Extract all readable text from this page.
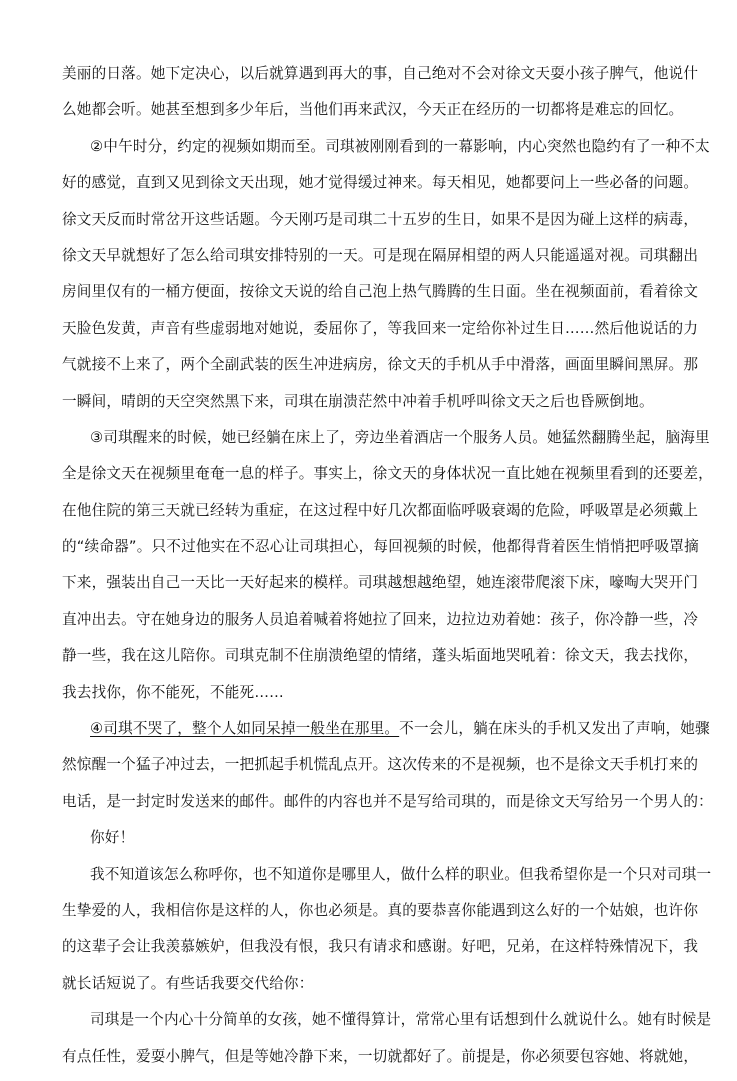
美丽的日落。她下定决心，以后就算遇到再大的事，自己绝对不会对徐文天耍小孩子脾气，他说什
么她都会听。她甚至想到多少年后，当他们再来武汉，今天正在经历的一切都将是难忘的回忆。
②中午时分，约定的视频如期而至。司琪被刚刚看到的一幕影响，内心突然也隐约有了一种不太
好的感觉，直到又见到徐文天出现，她才觉得缓过神来。每天相见，她都要问上一些必备的问题。
徐文天反而时常岔开这些话题。今天刚巧是司琪二十五岁的生日，如果不是因为碰上这样的病毒，
徐文天早就想好了怎么给司琪安排特别的一天。可是现在隔屏相望的两人只能遥遥对视。司琪翻出
房间里仅有的一桶方便面，按徐文天说的给自己泡上热气腾腾的生日面。坐在视频面前，看着徐文
天脸色发黄，声音有些虚弱地对她说，委屈你了，等我回来一定给你补过生日……然后他说话的力
气就接不上来了，两个全副武装的医生冲进病房，徐文天的手机从手中滑落，画面里瞬间黑屏。那
一瞬间，晴朗的天空突然黑下来，司琪在崩溃茫然中冲着手机呼叫徐文天之后也昏厥倒地。
③司琪醒来的时候，她已经躺在床上了，旁边坐着酒店一个服务人员。她猛然翻腾坐起，脑海里
全是徐文天在视频里奄奄一息的样子。事实上，徐文天的身体状况一直比她在视频里看到的还要差，
在他住院的第三天就已经转为重症，在这过程中好几次都面临呼吸衰竭的危险，呼吸罩是必须戴上
的“续命器”。只不过他实在不忍心让司琪担心，每回视频的时候，他都得背着医生悄悄把呼吸罩摘
下来，强装出自己一天比一天好起来的模样。司琪越想越绝望，她连滚带爬滚下床，嚎啕大哭开门
直冲出去。守在她身边的服务人员追着喊着将她拉了回来，边拉边劝着她：孩子，你冷静一些，冷
静一些，我在这儿陪你。司琪克制不住崩溃绝望的情绪，蓬头垢面地哭吼着：徐文天，我去找你，
我去找你，你不能死，不能死……
④司琪不哭了，整个人如同呆掉一般坐在那里。不一会儿，躺在床头的手机又发出了声响，她骤
然惊醒一个猛子冲过去，一把抓起手机慌乱点开。这次传来的不是视频，也不是徐文天手机打来的
电话，是一封定时发送来的邮件。邮件的内容也并不是写给司琪的，而是徐文天写给另一个男人的：
你好！
我不知道该怎么称呼你，也不知道你是哪里人，做什么样的职业。但我希望你是一个只对司琪一
生挚爱的人，我相信你是这样的人，你也必须是。真的要恭喜你能遇到这么好的一个姑娘，也许你
的这辈子会让我羡慕嫉妒，但我没有恨，我只有请求和感谢。好吧，兄弟，在这样特殊情况下，我
就长话短说了。有些话我要交代给你：
司琪是一个内心十分简单的女孩，她不懂得算计，常常心里有话想到什么就说什么。她有时候是
有点任性，爱耍小脾气，但是等她冷静下来，一切就都好了。前提是，你必须要包容她、将就她，
